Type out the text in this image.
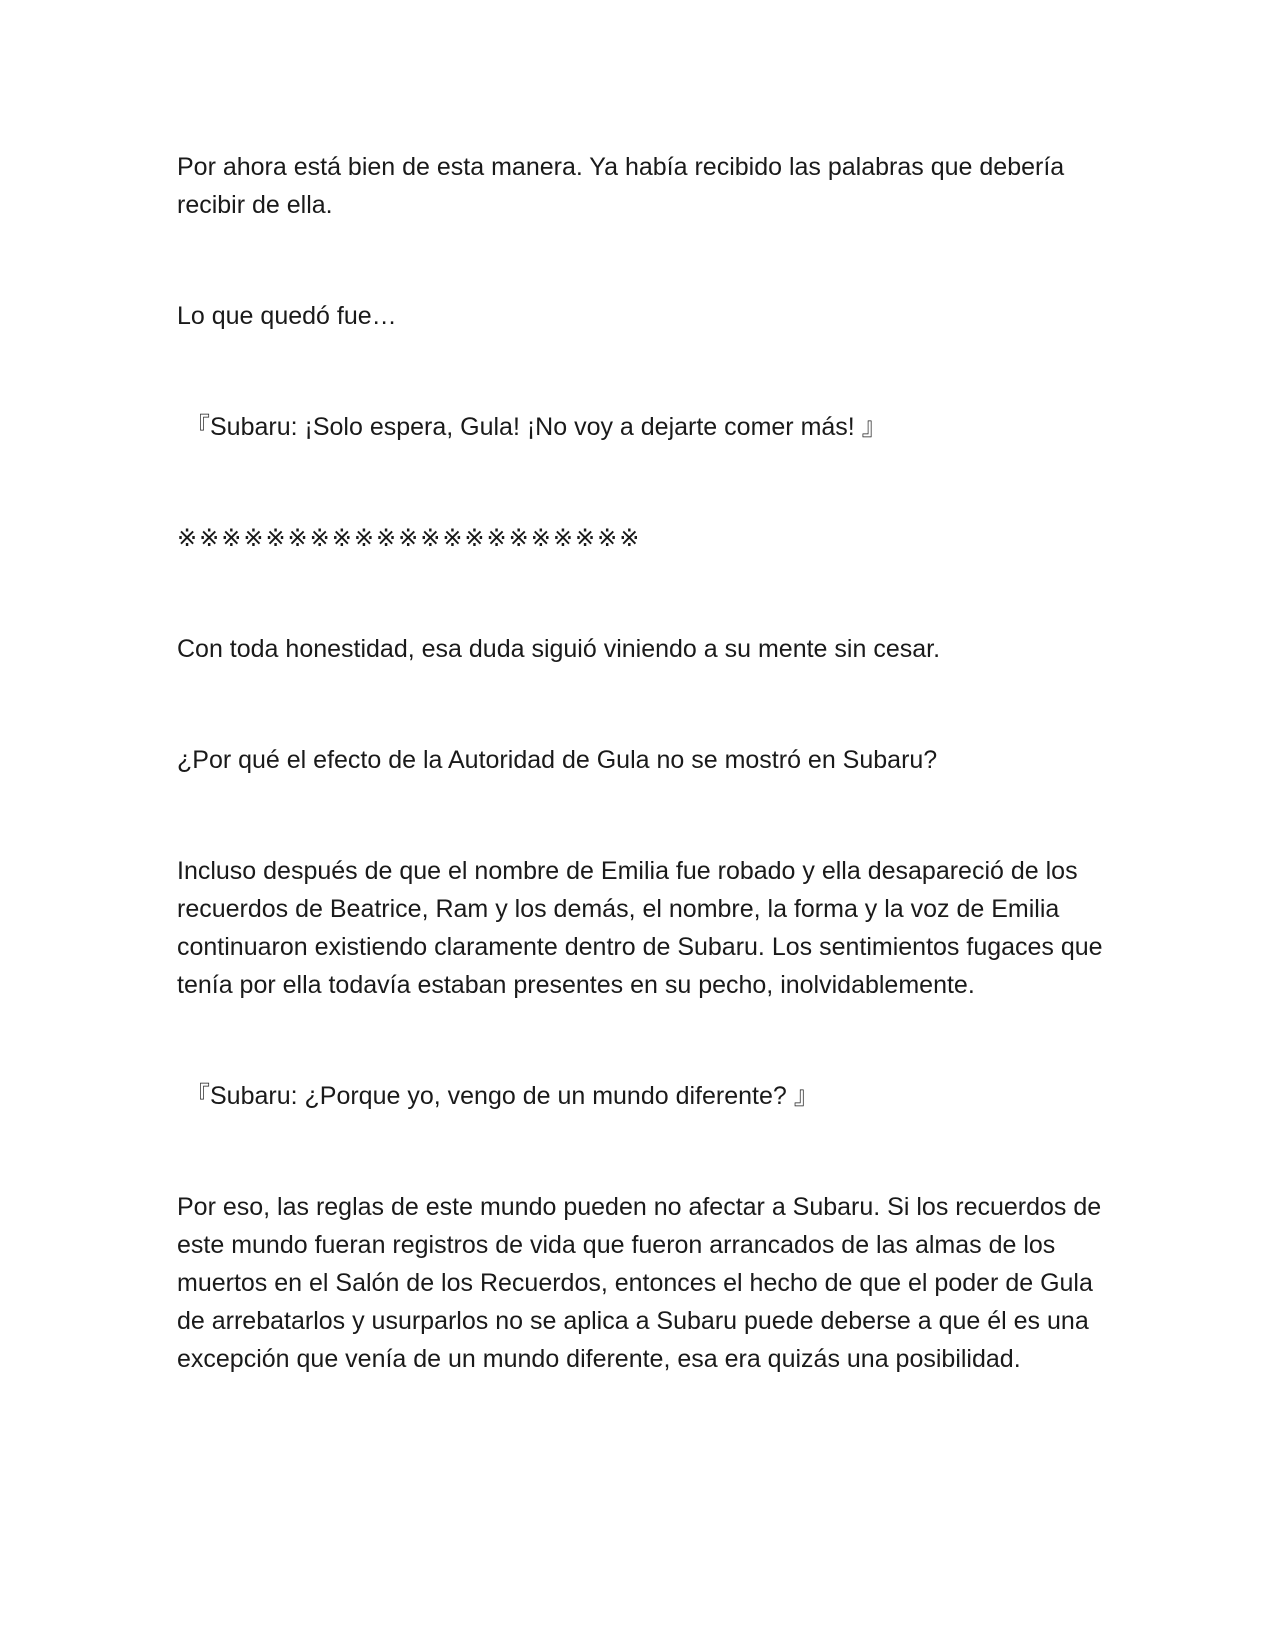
Por ahora está bien de esta manera. Ya había recibido las palabras que debería recibir de ella.

Lo que quedó fue…

『Subaru: ¡Solo espera, Gula! ¡No voy a dejarte comer más! 』

※※※※※※※※※※※※※※※※※※※※※

Con toda honestidad, esa duda siguió viniendo a su mente sin cesar.

¿Por qué el efecto de la Autoridad de Gula no se mostró en Subaru?

Incluso después de que el nombre de Emilia fue robado y ella desapareció de los recuerdos de Beatrice, Ram y los demás, el nombre, la forma y la voz de Emilia continuaron existiendo claramente dentro de Subaru. Los sentimientos fugaces que tenía por ella todavía estaban presentes en su pecho, inolvidablemente.

『Subaru: ¿Porque yo, vengo de un mundo diferente? 』

Por eso, las reglas de este mundo pueden no afectar a Subaru. Si los recuerdos de este mundo fueran registros de vida que fueron arrancados de las almas de los muertos en el Salón de los Recuerdos, entonces el hecho de que el poder de Gula de arrebatarlos y usurparlos no se aplica a Subaru puede deberse a que él es una excepción que venía de un mundo diferente, esa era quizás una posibilidad.
